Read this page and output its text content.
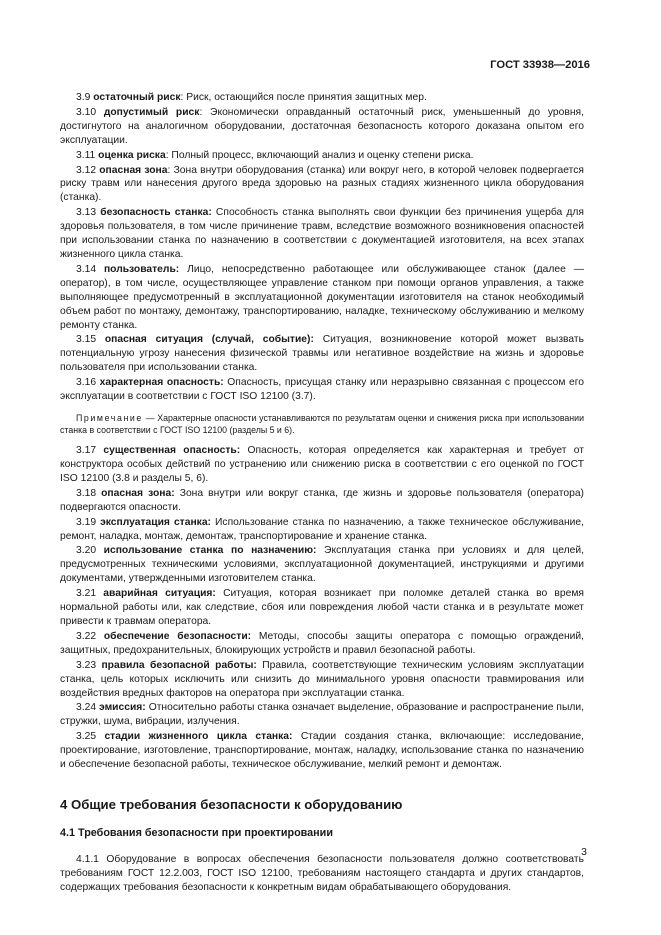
ГОСТ 33938—2016

3.9 остаточный риск: Риск, остающийся после принятия защитных мер.

3.10 допустимый риск: Экономически оправданный остаточный риск, уменьшенный до уровня, достигнутого на аналогичном оборудовании, достаточная безопасность которого доказана опытом его эксплуатации.

3.11 оценка риска: Полный процесс, включающий анализ и оценку степени риска.

3.12 опасная зона: Зона внутри оборудования (станка) или вокруг него, в которой человек подвергается риску травм или нанесения другого вреда здоровью на разных стадиях жизненного цикла оборудования (станка).

3.13 безопасность станка: Способность станка выполнять свои функции без причинения ущерба для здоровья пользователя, в том числе причинение травм, вследствие возможного возникновения опасностей при использовании станка по назначению в соответствии с документацией изготовителя, на всех этапах жизненного цикла станка.

3.14 пользователь: Лицо, непосредственно работающее или обслуживающее станок (далее — оператор), в том числе, осуществляющее управление станком при помощи органов управления, а также выполняющее предусмотренный в эксплуатационной документации изготовителя на станок необходимый объем работ по монтажу, демонтажу, транспортированию, наладке, техническому обслуживанию и мелкому ремонту станка.

3.15 опасная ситуация (случай, событие): Ситуация, возникновение которой может вызвать потенциальную угрозу нанесения физической травмы или негативное воздействие на жизнь и здоровье пользователя при использовании станка.

3.16 характерная опасность: Опасность, присущая станку или неразрывно связанная с процессом его эксплуатации в соответствии с ГОСТ ISO 12100 (3.7).

Примечание — Характерные опасности устанавливаются по результатам оценки и снижения риска при использовании станка в соответствии с ГОСТ ISO 12100 (разделы 5 и 6).

3.17 существенная опасность: Опасность, которая определяется как характерная и требует от конструктора особых действий по устранению или снижению риска в соответствии с его оценкой по ГОСТ ISO 12100 (3.8 и разделы 5, 6).

3.18 опасная зона: Зона внутри или вокруг станка, где жизнь и здоровье пользователя (оператора) подвергаются опасности.

3.19 эксплуатация станка: Использование станка по назначению, а также техническое обслуживание, ремонт, наладка, монтаж, демонтаж, транспортирование и хранение станка.

3.20 использование станка по назначению: Эксплуатация станка при условиях и для целей, предусмотренных техническими условиями, эксплуатационной документацией, инструкциями и другими документами, утвержденными изготовителем станка.

3.21 аварийная ситуация: Ситуация, которая возникает при поломке деталей станка во время нормальной работы или, как следствие, сбоя или повреждения любой части станка и в результате может привести к травмам оператора.

3.22 обеспечение безопасности: Методы, способы защиты оператора с помощью ограждений, защитных, предохранительных, блокирующих устройств и правил безопасной работы.

3.23 правила безопасной работы: Правила, соответствующие техническим условиям эксплуатации станка, цель которых исключить или снизить до минимального уровня опасности травмирования или воздействия вредных факторов на оператора при эксплуатации станка.

3.24 эмиссия: Относительно работы станка означает выделение, образование и распространение пыли, стружки, шума, вибрации, излучения.

3.25 стадии жизненного цикла станка: Стадии создания станка, включающие: исследование, проектирование, изготовление, транспортирование, монтаж, наладку, использование станка по назначению и обеспечение безопасной работы, техническое обслуживание, мелкий ремонт и демонтаж.

4 Общие требования безопасности к оборудованию
4.1 Требования безопасности при проектировании

4.1.1 Оборудование в вопросах обеспечения безопасности пользователя должно соответствовать требованиям ГОСТ 12.2.003, ГОСТ ISO 12100, требованиям настоящего стандарта и других стандартов, содержащих требования безопасности к конкретным видам обрабатывающего оборудования.

3
